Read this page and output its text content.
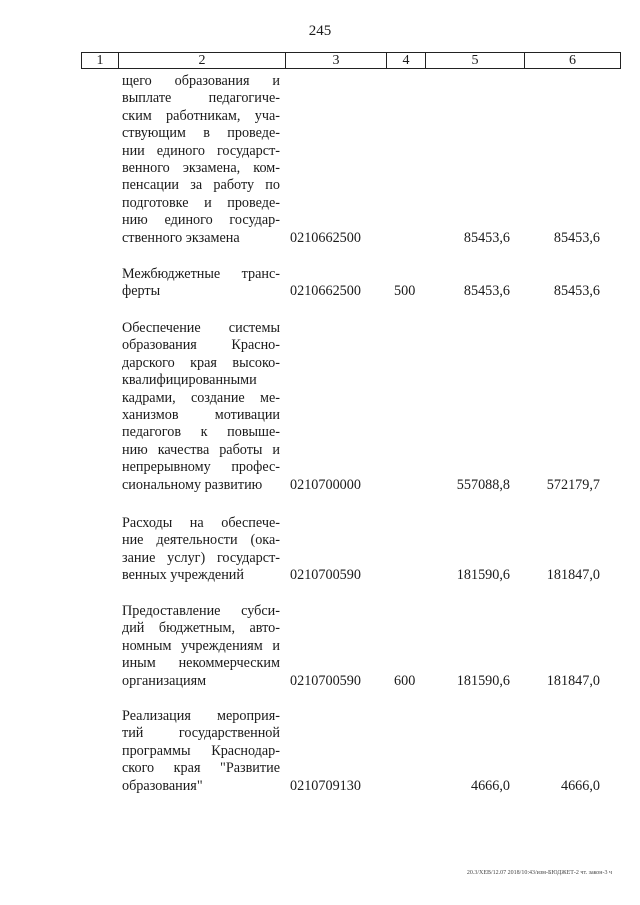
245
1	2	3	4	5	6
щего образования и
выплате педагогиче-
ским работникам, уча-
ствующим в проведе-
нии единого государст-
венного экзамена, ком-
пенсации за работу по
подготовке и проведе-
нию единого государ-
ственного экзамена	0210662500	85453,6	85453,6
Межбюджетные транс-
ферты	0210662500 500	85453,6	85453,6
Обеспечение системы
образования Краснo-
дарского края высоко-
квалифицированными
кадрами, создание ме-
ханизмов мотивации
педагогов к повыше-
нию качества работы и
непрерывному профес-
сиональному развитию	0210700000	557088,8	572179,7
Расходы на обеспече-
ние деятельности (ока-
зание услуг) государст-
венных учреждений	0210700590	181590,6	181847,0
Предоставление субси-
дий бюджетным, авто-
номным учреждениям и
иным некоммерческим
организациям	0210700590 600	181590,6	181847,0
Реализация мероприя-
тий государственной
программы Краснодар-
ского края "Развитие
образования"	0210709130	4666,0	4666,0
20.3/ХЕВ/12.07 2018/10:43/изм-БЮДЖЕТ-2 чт. закон-3 ч
